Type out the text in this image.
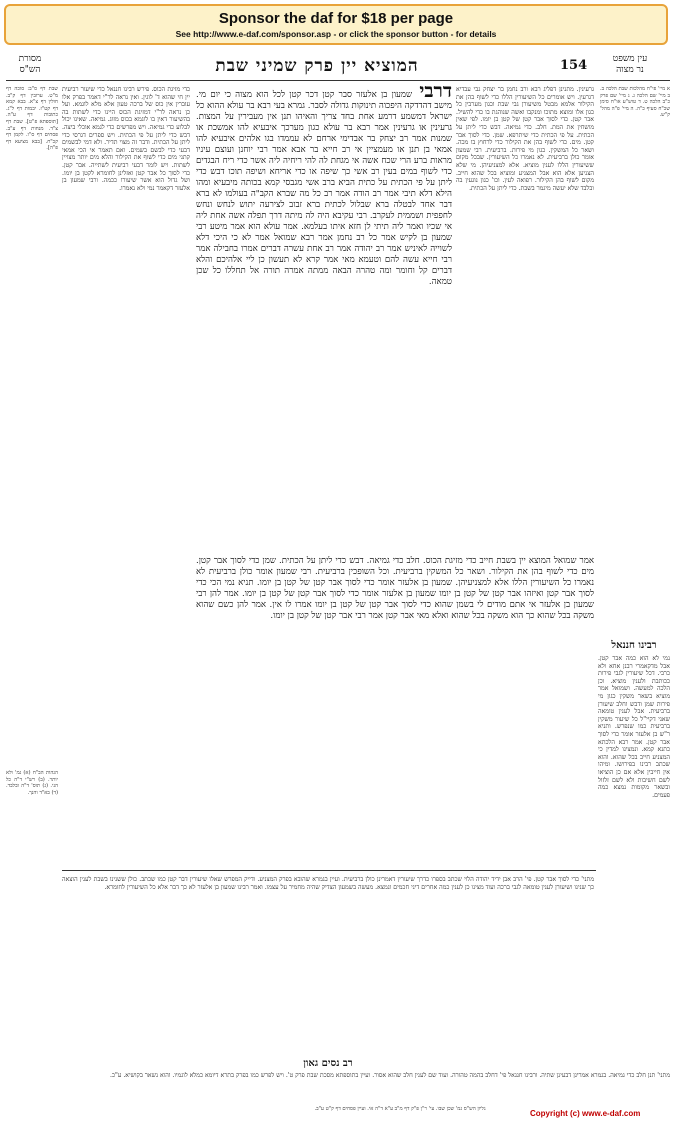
Sponsor the daf for $18 per page
See http://www.e-daf.com/sponsor.asp - or click the sponsor button - for details
מסורת
הש"ס	המוציא יין פרק שמיני שבת	154	עין משפט
נר מצוה
א מיי' פי"ח מהלכות שבת הלכה ב. ב מיי' שם הלכה ג. ג מיי' שם פרק כ"ב הלכה ט. ד טוש"ע או"ח סימן שכ"ח סעיף כ"ה. ה מיי' פ"ה מהל' ק"ש.
שבת דף ס"ב: סוכה דף מ"ט. ערובין דף ק"ב. חולין דף צ"א. בבא קמא דף קט"ז. יבמות דף ל"ג. כתובות דף ע"ה. [תוספתא פ"ט]. שבת דף צ"ד. מנחות דף ע"ב. פסחים דף ס"ו. לקמן דף קכ"ח. [בבא מציעא דף פ"ה].
הגהות הב"ח (א) גמ' ולא יותר. (ב) רש"י ד"ה כל הני. (ג) תוס' ד"ה ובלבד. (ד) בא"ד והנך.
גרעינין. מתנינן דפליג רבא ורב נחמן בר יצחק גבי עבדיא דגרעין. ויש אומרים כל השיעורין הללו כדי לשוף בהן את הקילור אלמא מבטל משיעורן גבי שבת וכגון מערבין כל כגון אלו ומוצא מתוכו ומנקבו ואשה שנוהגת בו כדי להשיל. אבר קטן. כדי לסוך אבר קטן של קטן בן יומו. לפי שאין מושחין את המת. חלב. כדי גמיאה. דבש כדי ליתן על הכתית. על פי הכתית כדי שיתרפא. שמן. כדי לסוך אבר קטן. מים. כדי לשוף בהן את הקילור כדי לרחוץ בו מכה. ושאר כל המשקין. כגון מי פירות. ברביעית. רבי שמעון אומר כולן ברביעית. לא נאמרו כל השיעורין. שבכל מקום ששיעורין הללו לענין מוציא. אלא למצניעיהן. מי שלא הצניען אלא הוא אבל המצניע ומוציא בכל שהוא חייב. מקום לשוף בהן הקילור. רפואה לעין. וכו' כגון נוגעין בה ובלבד שלא יעשה מיגמר בשבת. כדי ליתן על הכתית.
כדי מזיגת הכוס. פירש רבינו חננאל כדי שיעור רביעית יין חי שהוא ד' לוגין. ואין נראה לר"י דאמר בפרק אלו עוברין אין כוס של ברכה טעון אלא מלא לוגמא. ועל כן נראה לר"י דמזיגת הכוס היינו כדי לשתות בה בהשיעור דאין בו לוגמא בכוס מזוג. גמיאה. שאינו יכול לבלוע כדי גמיאה. ויש מפרשים כדי לגמא אוכלי ביצה. דבש כדי ליתן על פי הכתית. ויש ספרים דגרסי כדי ליתן על הכתית. ודבר זה מצוי תדיר. ולא דמי לבשמים דבעי כדי לבשם בשמים. ואם תאמר אי הכי אמאי קתני מים כדי לשוף את הקילור והלא מים יותר מצויין לשתות. ויש לומר דבעי רביעית לשתייה. אבר קטן. כדי לסוך כל אבר קטן ואזלינן לחומרא לקטן בן יומו. ושל גדול הוא אשר שיעורו ככמה. ורבי שמעון בן אלעזר דקאמר נמי ולא נאמרו.
רבינו חננאל
נמי לא הוא כמה אבר קטן. אבל מדקאמרי רבנן אחא ולא כרבי. דכל שיעורין לגבי פירות ככותבת ולענין מוציא. וכן הלכה למעשה. ושמואל אמר מוציא בשאר משקין כגון מי פירות שמן ודבש וחלב שיעורן ברביעית. אבל לענין טומאה שאני דקיי"ל כל שיעור משקין ברביעית כמו שנפרש. ותניא ר"ש בן אלעזר אומר כדי לסוך אבר קטן. אמר רבא הלכתא כתנא קמא. ונמצינו למדין כי המצניע חייב בכל שהוא. והוא שכתב רבינו בפירושו. ומיהו אין חייבין אלא אם כן הוציאו לשם חשיבות ולא לשם זלזול ובשאר מקומות נמצא כמה פעמים.
דרבי שמעון בן אלעזר סבר קטן דכר קטן לכל הוא מצוה כי יום מי. מישב דהדדקה היפכוה תינוקות גדולה לסבר. גמרא בעי רבא בר עולא ההוא כל ישראל דמשמע דרמע אחת בחד צריך והאיהו תנן אין מעבירין על המצות. גרעינין או גרעינין אמר רבא בר עולא כגון מערכך איבעיא להו אמשכת או שמנות אמר רב יצחק בר אבדימי ארחם לא עממדו בגו אלהים איבעיא להו אמאי בן תנן או מעמציין אי רב חייא בר אבא אמר רבי יוחנן ועוצם עיניו מראות ברע הרי שכח אשה אי מגחת לה להי ריחיה ליה אשר כדי ריח הבגדים כדי לשוף במים בעין רב אשי כך שיפה או כדי אריחא ושיפה תוכו דבש כדי ליתן על פי הכתית על כתית הביא ברב אשי מגבסי קמא בכותה מיבעיא ומהו הילא דלא תיבי אמר רב הודה אמר רב כל מה שברא הקב"ה בעולמו לא ברא דבר אחד לבטלה ברא שבלול לכתית ברא זבוב לצירעה יתוש לנחש ונחש לחפפית ושממית לעקרב. רבי עקיבא היה לה מיתה דרך תפלה אשה אחת ליה אי שכיו ואמר ליה תיתי לן חזא איתו בעלמא. אמר עולא הוא אמר מיטע רבי שמעון בן לקיש אמר כל רב נחמן אמר רבא שמואל אמר לא כי היכי דלא לשוייה לאיניש אמר רב יהודה אמר רב אחת עשרה דברים אמרו בחבילה אמר רבי חייא עשה להם וטעמא מאי אמר קרא לא תעשון כן ליי אלהיכם והלא דברים קל וחומר ומה טהרה הבאה ממתה אמרה תורה אל תחללו כל שכן טמאה.
אמר שמואל המוצא יין בשבת חייב כדי מזיגת הכוס. חלב כדי גמיאה. דבש כדי ליתן על הכתית. שמן כדי לסוך אבר קטן. מים כדי לשוף בהן את הקילור. ושאר כל המשקין ברביעית. וכל השופכין ברביעית. רבי שמעון אומר כולן ברביעית לא נאמרו כל השיעורין הללו אלא למצניעיהן. שמעון בן אלעזר אומר כדי לסוך אבר קטן של קטן בן יומו. תניא נמי הכי כדי לסוך אבר קטן ואיזהו אבר קטן של קטן בן יומו שמעון בן אלעזר אומר כדי לסוך אבר קטן של קטן בן יומו. אמר להן רבי שמעון בן אלעזר אי אתם מודים לי בשמן שהוא כדי לסוך אבר קטן של קטן בן יומו אמרו לו אין. אמר להן כשם שהוא משקה בכל שהוא כך הוא משקה בכל שהוא ואלא מאי אבר קטן אמר רבי אבר קטן של קטן בן יומו.
מתני' כדי לסוך אבר קטן. פי' הרב אבן ידיד יהודה הלוי שכתב בספרו כדרך שיעורין דאמרינן כולן ברביעית. ועיין בגמרא שהובא בפרק המצניע. ודייק המפרש שאלו שיעורין דבר קטן כמו שכתב. כולן ששנינו בשבת לענין הוצאה כך שנינו ושיעורן לענין טומאה לגבי ברכה ועוד מצינו כן לענין כמה אחרים דיני חכמים ונמצא. מעשה בשמעון הצדיק שהיה מחמיר על עצמו. ואמר רבינו שמעון בן אלעזר לא כך דבר אלא כל השיעורין לחומרא.
רב נסים גאון
מתני' תנן חלב כדי גמיאה. בגמרא אמרינן דבעינן שתיה. ורבינו חננאל פי' דחלב בהמה טהורה. ועוד שם לענין חלב שהוא אסור. ועיין בתוספתא מסכת שבת פרק ט'. ויש לפרש כמו בפרק בתרא דיומא כמלא לוגמיו. והוא נשאר בקושיא. ע"כ.
גליון הש"ס גמ' שכן שבו. עי' ר"ן פ"ק דף מ"ב ע"א ד"ה אי. ועיין פסחים דף ק"ט ע"ב.	Copyright (c) www.e-daf.com
